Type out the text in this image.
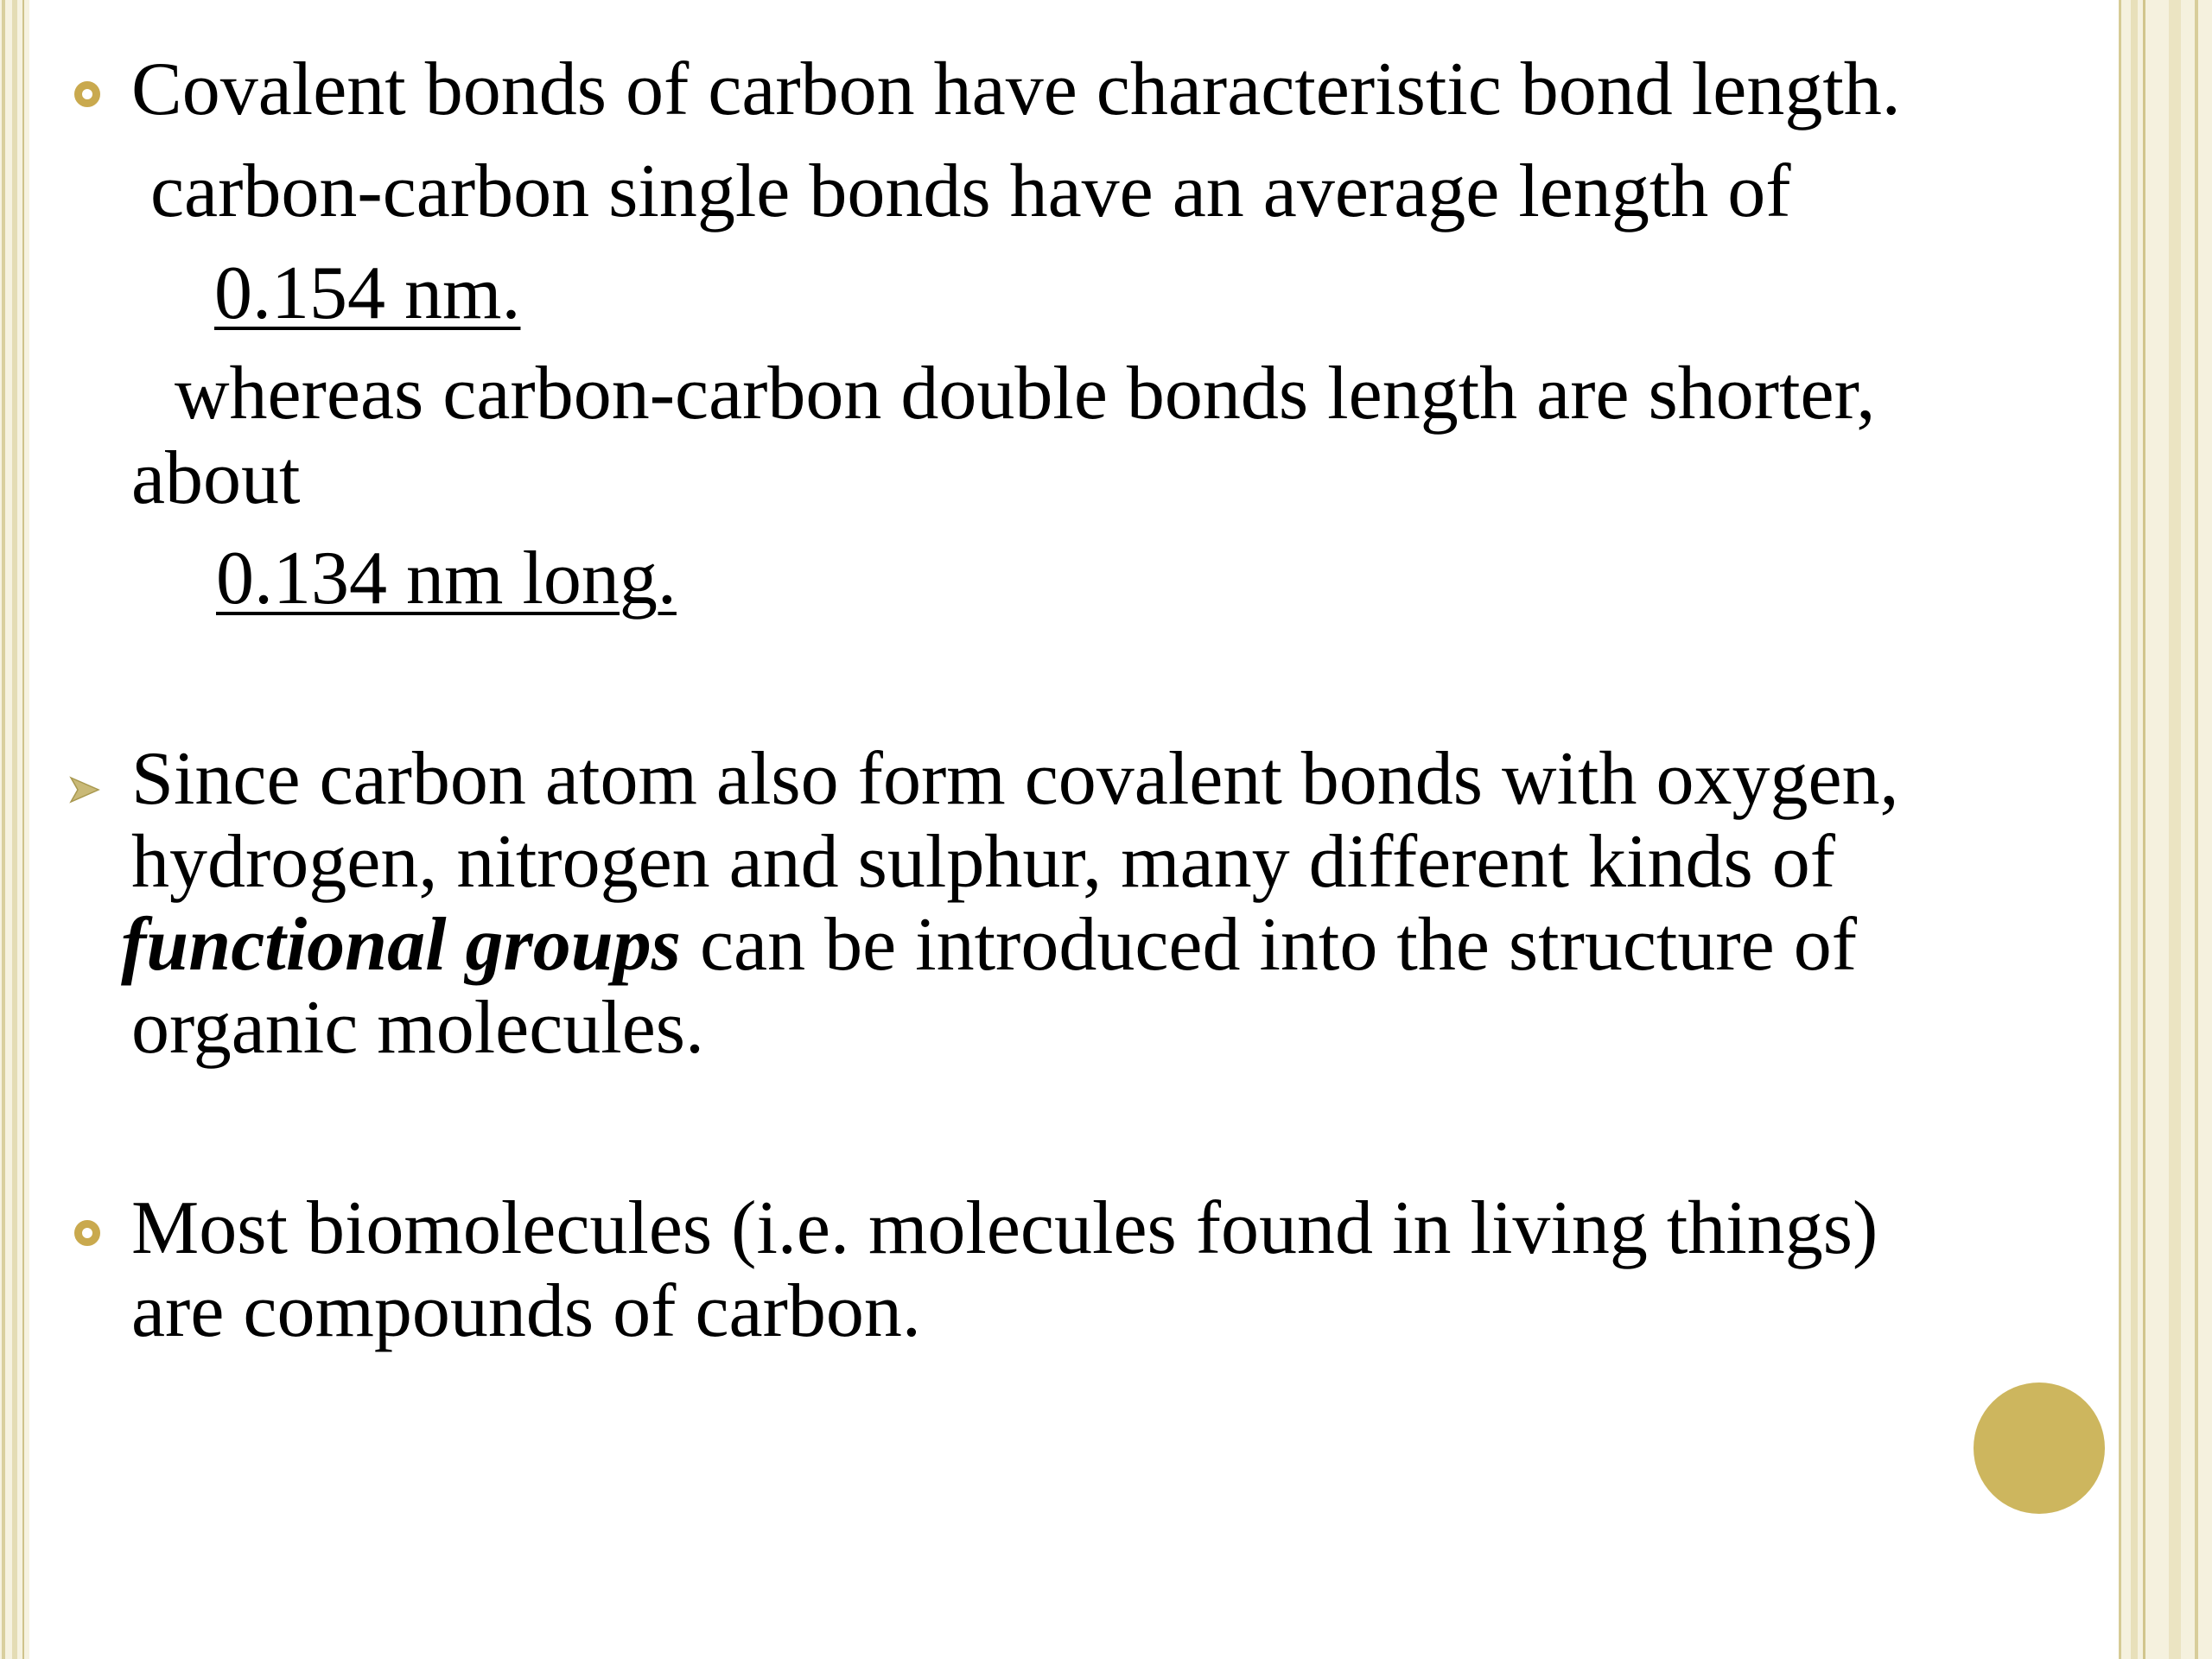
Covalent bonds of carbon have characteristic bond length.
carbon-carbon single bonds have an average length of
0.154 nm.
whereas carbon-carbon double bonds length are shorter,
about
0.134 nm long.
Since carbon atom also form covalent bonds with oxygen,
hydrogen, nitrogen and sulphur, many different kinds of
functional groups can be introduced into the structure of
organic molecules.
Most biomolecules (i.e. molecules found in living things)
are compounds of carbon.
